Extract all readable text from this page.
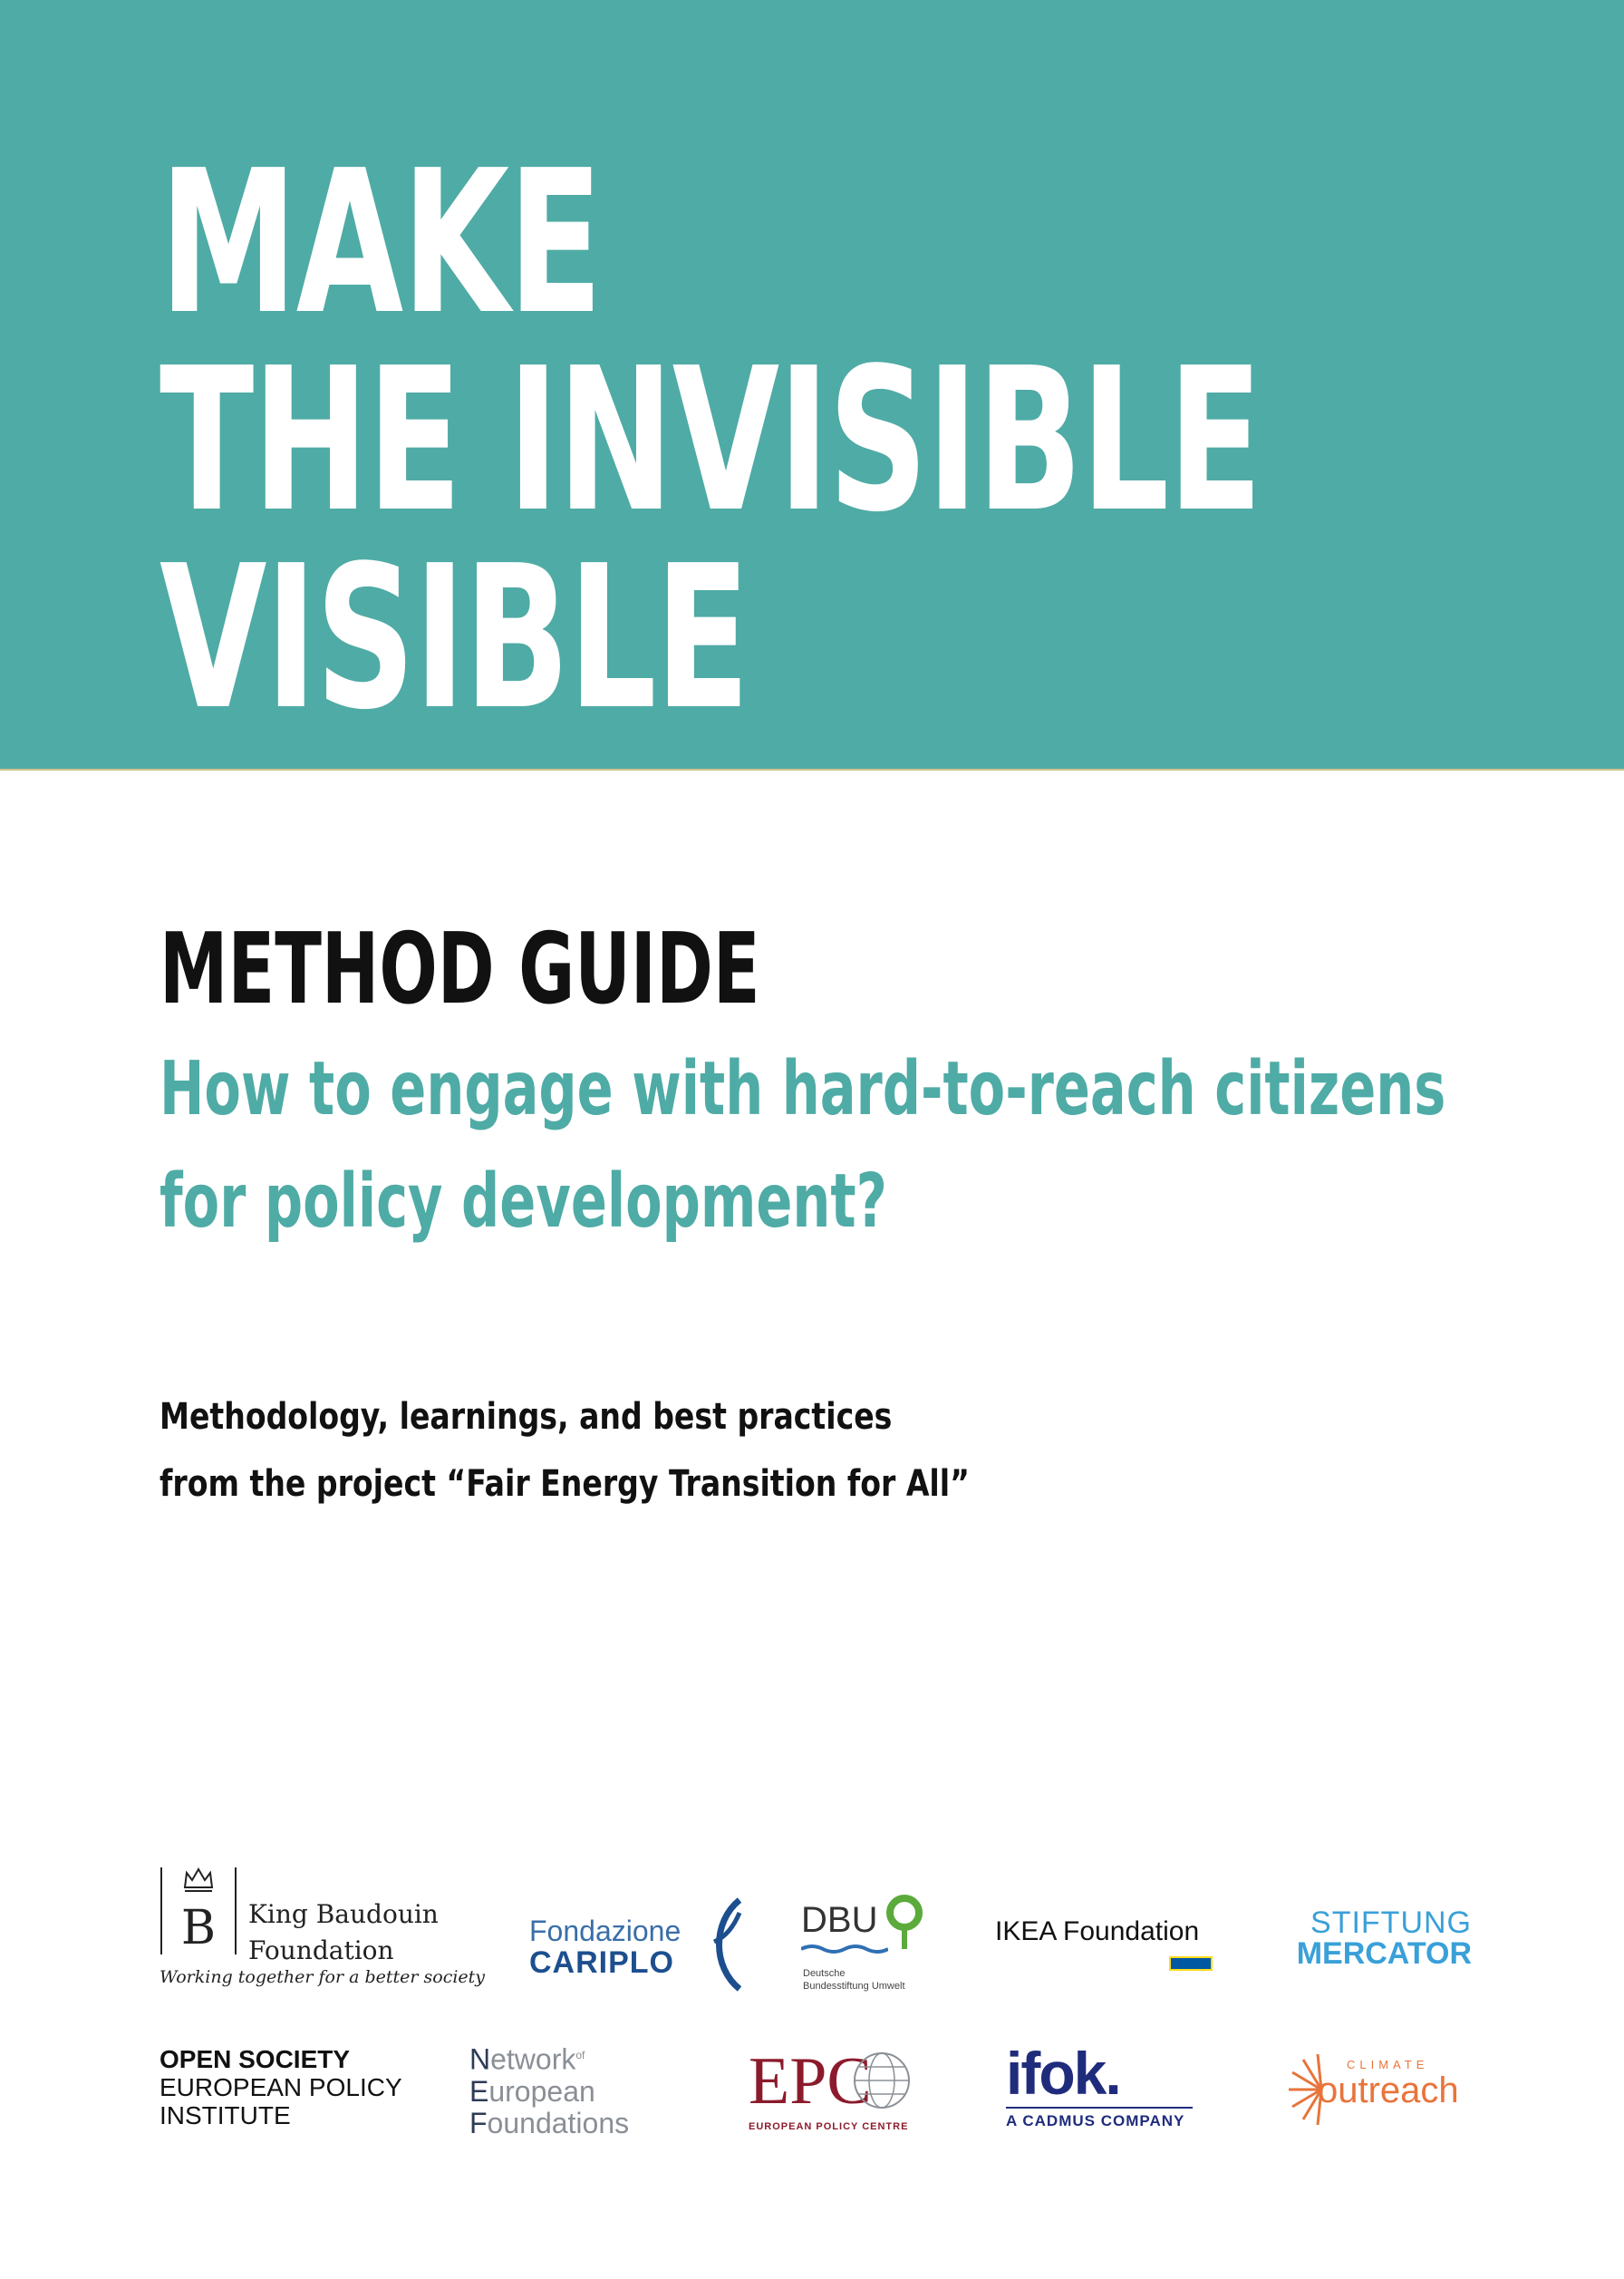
MAKE
THE INVISIBLE
VISIBLE
METHOD GUIDE
How to engage with hard-to-reach citizens
for policy development?

Methodology, learnings, and best practices
from the project “Fair Energy Transition for All”

B King Baudouin
Foundation
Working together for a better society
Fondazione
CARIPLO
DBU
Deutsche
Bundesstiftung Umwelt
IKEA Foundation	STIFTUNG
MERCATOR
OPEN SOCIETY
EUROPEAN POLICY
INSTITUTE
Network$^{of}$
European
Foundations
EPC
EUROPEAN POLICY CENTRE
ifok.
A CADMUS COMPANY
CLIMATE
outreach
